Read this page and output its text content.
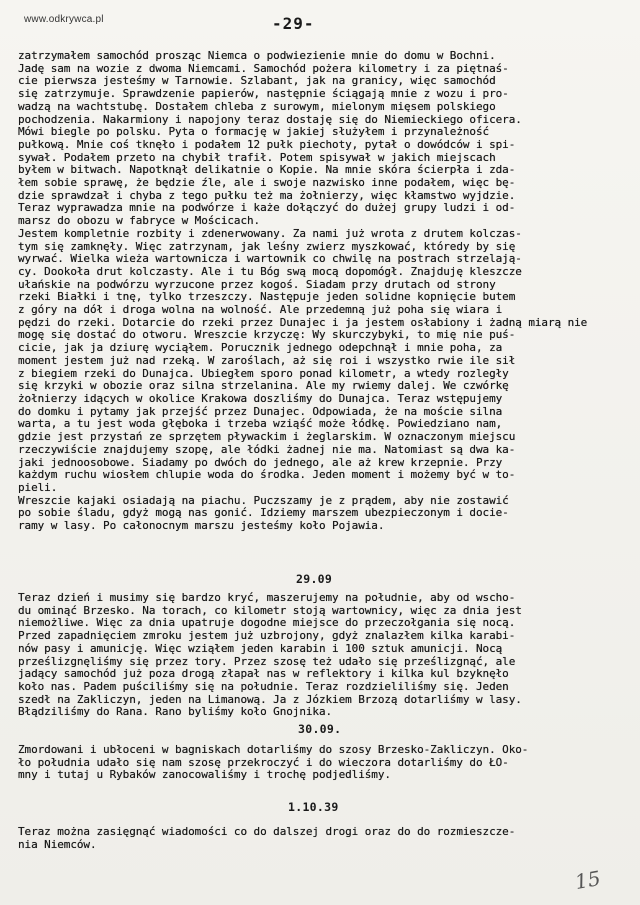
www.odkrywca.pl	-29-
zatrzymałem samochód prosząc Niemca o podwiezienie mnie do domu w Bochni.
Jadę sam na wozie z dwoma Niemcami. Samochód pożera kilometry i za piętnaś-
cie pierwsza jesteśmy w Tarnowie. Szlabant, jak na granicy, więc samochód
się zatrzymuje. Sprawdzenie papierów, następnie ściągają mnie z wozu i pro-
wadzą na wachtstubę. Dostałem chleba z surowym, mielonym mięsem polskiego
pochodzenia. Nakarmiony i napojony teraz dostaję się do Niemieckiego oficera.
Mówi biegle po polsku. Pyta o formację w jakiej służyłem i przynależność
pułkową. Mnie coś tknęło i podałem 12 pułk piechoty, pytał o dowódców i spi-
sywał. Podałem przeto na chybił trafił. Potem spisywał w jakich miejscach
byłem w bitwach. Napotknął delikatnie o Kopie. Na mnie skóra ścierpła i zda-
łem sobie sprawę, że będzie źle, ale i swoje nazwisko inne podałem, więc bę-
dzie sprawdzał i chyba z tego pułku też ma żołnierzy, więc kłamstwo wyjdzie.
Teraz wyprawadza mnie na podwórze i każe dołączyć do dużej grupy ludzi i od-
marsz do obozu w fabryce w Mościcach.
Jestem kompletnie rozbity i zdenerwowany. Za nami już wrota z drutem kolczas-
tym się zamknęły. Więc zatrzynam, jak leśny zwierz myszkować, któredy by się
wyrwać. Wielka wieża wartownicza i wartownik co chwilę na postrach strzelają-
cy. Dookoła drut kolczasty. Ale i tu Bóg swą mocą dopomógł. Znajduję kleszcze
ułańskie na podwórzu wyrzucone przez kogoś. Siadam przy drutach od strony
rzeki Białki i tnę, tylko trzeszczy. Następuje jeden solidne kopnięcie butem
z góry na dół i droga wolna na wolność. Ale przedemną już poha się wiara i
pędzi do rzeki. Dotarcie do rzeki przez Dunajec i ja jestem osłabiony i żadną miarą nie
mogę się dostać do otworu. Wreszcie krzyczę: Wy skurczybyki, to mię nie puś-
cicie, jak ja dziurę wyciąłem. Porucznik jednego odepchnął i mnie poha, za
moment jestem już nad rzeką. W zaroślach, aż się roi i wszystko rwie ile sił
z biegiem rzeki do Dunajca. Ubiegłem sporo ponad kilometr, a wtedy rozległy
się krzyki w obozie oraz silna strzelanina. Ale my rwiemy dalej. We czwórkę
żołnierzy idących w okolice Krakowa doszliśmy do Dunajca. Teraz wstępujemy
do domku i pytamy jak przejść przez Dunajec. Odpowiada, że na moście silna
warta, a tu jest woda głęboka i trzeba wziąść może łódkę. Powiedziano nam,
gdzie jest przystań ze sprzętem pływackim i żeglarskim. W oznaczonym miejscu
rzeczywiście znajdujemy szopę, ale łódki żadnej nie ma. Natomiast są dwa ka-
jaki jednoosobowe. Siadamy po dwóch do jednego, ale aż krew krzepnie. Przy
każdym ruchu wiosłem chlupie woda do środka. Jeden moment i możemy być w to-
pieli.
Wreszcie kajaki osiadają na piachu. Puczszamy je z prądem, aby nie zostawić
po sobie śladu, gdyż mogą nas gonić. Idziemy marszem ubezpieczonym i docie-
ramy w lasy. Po całonocnym marszu jesteśmy koło Pojawia.
29.09
Teraz dzień i musimy się bardzo kryć, maszerujemy na południe, aby od wscho-
du ominąć Brzesko. Na torach, co kilometr stoją wartownicy, więc za dnia jest
niemożliwe. Więc za dnia upatruje dogodne miejsce do przeczołgania się nocą.
Przed zapadnięciem zmroku jestem już uzbrojony, gdyż znalazłem kilka karabi-
nów pasy i amunicję. Więc wziąłem jeden karabin i 100 sztuk amunicji. Nocą
prześlizgnęliśmy się przez tory. Przez szosę też udało się prześlizgnąć, ale
jadący samochód już poza drogą złapał nas w reflektory i kilka kul bzyknęło
koło nas. Padem puściliśmy się na południe. Teraz rozdzieliliśmy się. Jeden
szedł na Zakliczyn, jeden na Limanową. Ja z Józkiem Brzozą dotarliśmy w lasy.
Błądziliśmy do Rana. Rano byliśmy koło Gnojnika.
30.09.
Zmordowani i ubłoceni w bagniskach dotarliśmy do szosy Brzesko-Zakliczyn. Oko-
ło południa udało się nam szosę przekroczyć i do wieczora dotarliśmy do ŁO-
mny i tutaj u Rybaków zanocowaliśmy i trochę podjedliśmy.
1.10.39
Teraz można zasięgnąć wiadomości co do dalszej drogi oraz do do rozmieszcze-
nia Niemców.
15
